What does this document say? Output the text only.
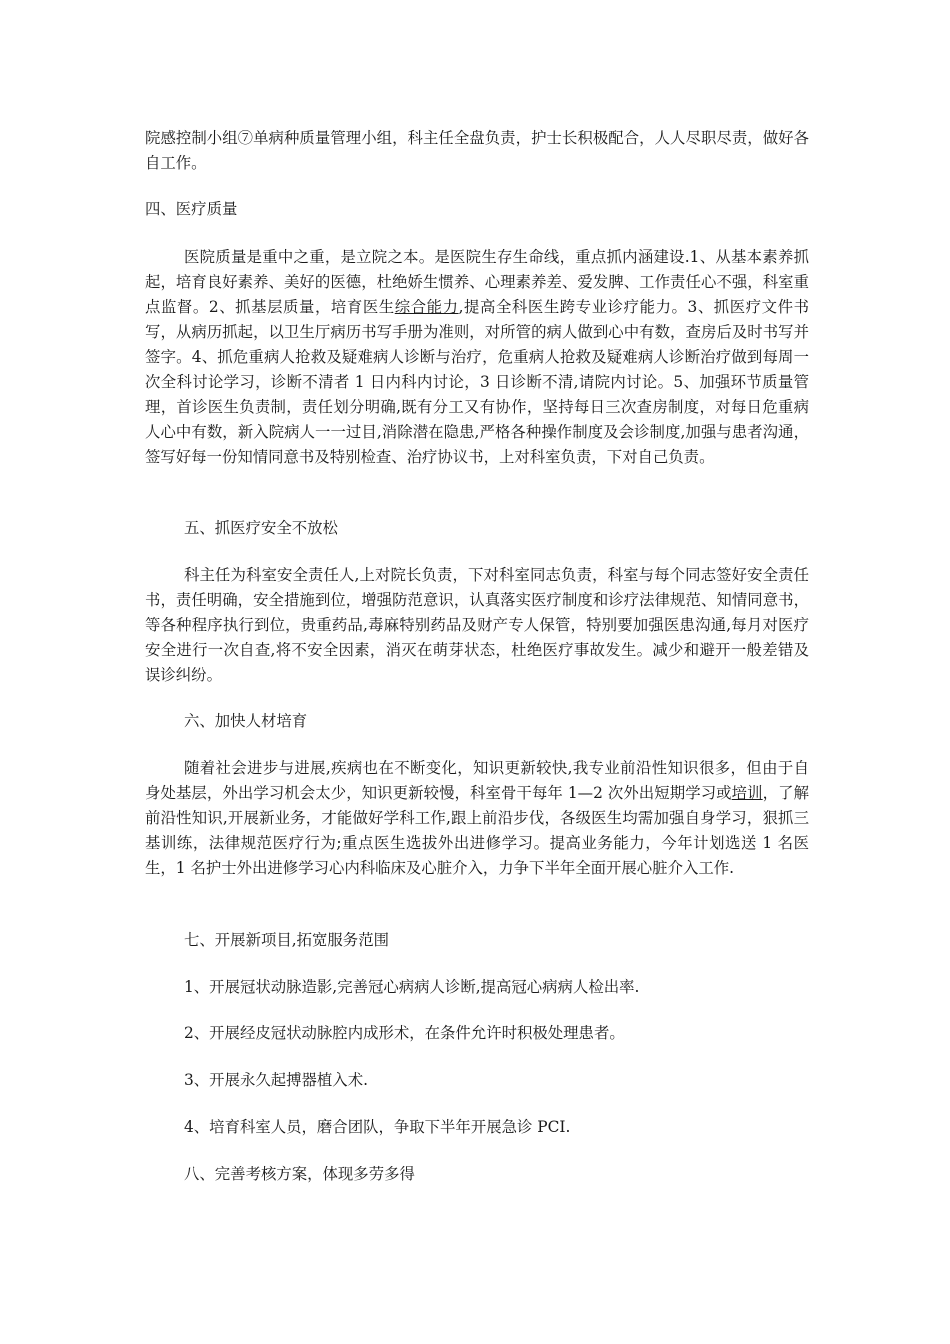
院感控制小组⑦单病种质量管理小组，科主任全盘负责，护士长积极配合，人人尽职尽责，做好各自工作。

四、医疗质量

医院质量是重中之重，是立院之本。是医院生存生命线，重点抓内涵建设.1、从基本素养抓起，培育良好素养、美好的医德，杜绝娇生惯养、心理素养差、爱发脾、工作责任心不强，科室重点监督。2、抓基层质量，培育医生综合能力,提高全科医生跨专业诊疗能力。3、抓医疗文件书写，从病历抓起，以卫生厅病历书写手册为准则，对所管的病人做到心中有数，查房后及时书写并签字。4、抓危重病人抢救及疑难病人诊断与治疗，危重病人抢救及疑难病人诊断治疗做到每周一次全科讨论学习，诊断不清者 1 日内科内讨论，3 日诊断不清,请院内讨论。5、加强环节质量管理，首诊医生负责制，责任划分明确,既有分工又有协作，坚持每日三次查房制度，对每日危重病人心中有数，新入院病人一一过目,消除潜在隐患,严格各种操作制度及会诊制度,加强与患者沟通，签写好每一份知情同意书及特别检查、治疗协议书，上对科室负责，下对自己负责。

五、抓医疗安全不放松

科主任为科室安全责任人,上对院长负责，下对科室同志负责，科室与每个同志签好安全责任书，责任明确，安全措施到位，增强防范意识，认真落实医疗制度和诊疗法律规范、知情同意书，等各种程序执行到位，贵重药品,毒麻特别药品及财产专人保管，特别要加强医患沟通,每月对医疗安全进行一次自查,将不安全因素，消灭在萌芽状态，杜绝医疗事故发生。减少和避开一般差错及误诊纠纷。

六、加快人材培育

随着社会进步与进展,疾病也在不断变化，知识更新较快,我专业前沿性知识很多，但由于自身处基层，外出学习机会太少，知识更新较慢，科室骨干每年 1—2 次外出短期学习或培训，了解前沿性知识,开展新业务，才能做好学科工作,跟上前沿步伐，各级医生均需加强自身学习，狠抓三基训练，法律规范医疗行为;重点医生选拔外出进修学习。提高业务能力，今年计划选送 1 名医生，1 名护士外出进修学习心内科临床及心脏介入，力争下半年全面开展心脏介入工作.

七、开展新项目,拓宽服务范围

1、开展冠状动脉造影,完善冠心病病人诊断,提高冠心病病人检出率.

2、开展经皮冠状动脉腔内成形术，在条件允许时积极处理患者。

3、开展永久起搏器植入术.

4、培育科室人员，磨合团队，争取下半年开展急诊 PCI.

八、完善考核方案，体现多劳多得
